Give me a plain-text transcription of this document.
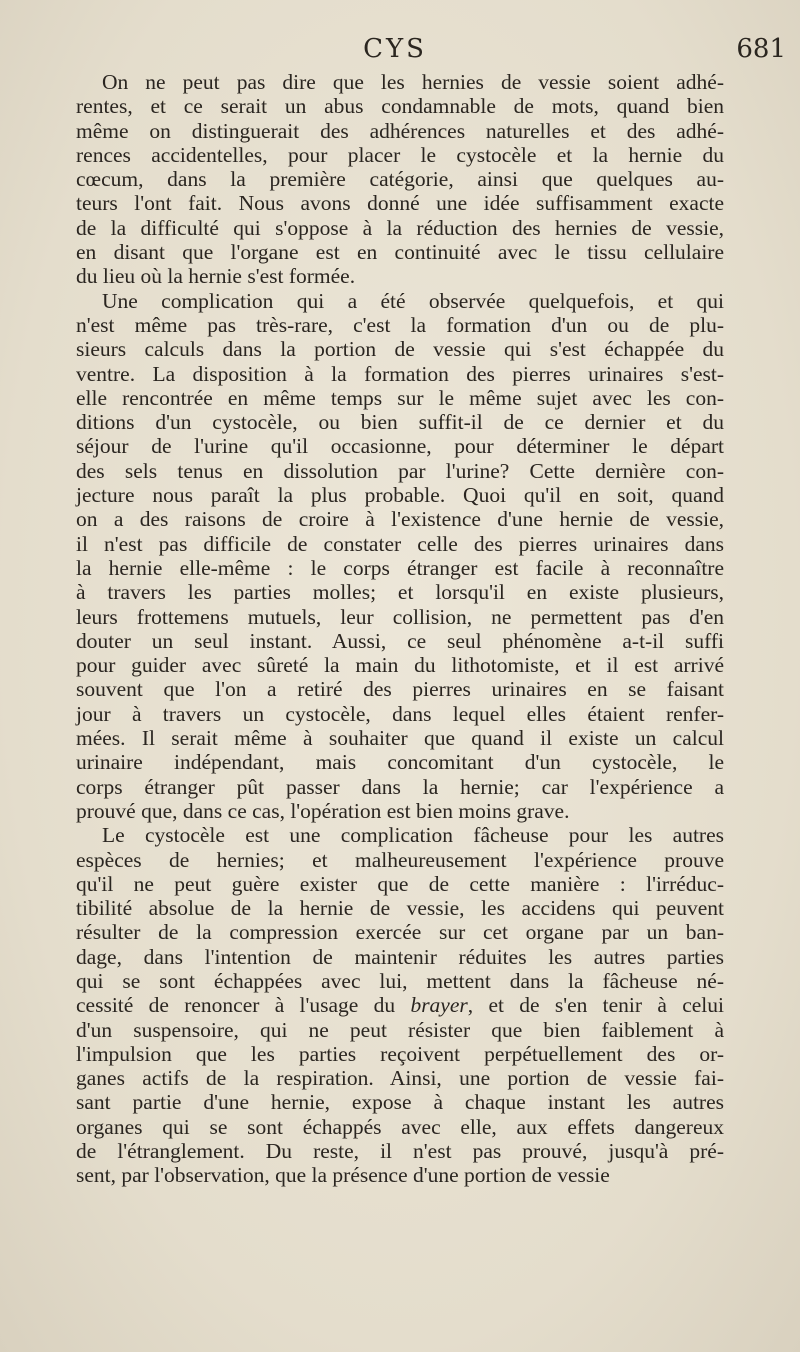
CYS	681
On ne peut pas dire que les hernies de vessie soient adhé-
rentes, et ce serait un abus condamnable de mots, quand bien
même on distinguerait des adhérences naturelles et des adhé-
rences accidentelles, pour placer le cystocèle et la hernie du
cœcum, dans la première catégorie, ainsi que quelques au-
teurs l'ont fait. Nous avons donné une idée suffisamment exacte
de la difficulté qui s'oppose à la réduction des hernies de vessie,
en disant que l'organe est en continuité avec le tissu cellulaire
du lieu où la hernie s'est formée.
Une complication qui a été observée quelquefois, et qui
n'est même pas très-rare, c'est la formation d'un ou de plu-
sieurs calculs dans la portion de vessie qui s'est échappée du
ventre. La disposition à la formation des pierres urinaires s'est-
elle rencontrée en même temps sur le même sujet avec les con-
ditions d'un cystocèle, ou bien suffit-il de ce dernier et du
séjour de l'urine qu'il occasionne, pour déterminer le départ
des sels tenus en dissolution par l'urine? Cette dernière con-
jecture nous paraît la plus probable. Quoi qu'il en soit, quand
on a des raisons de croire à l'existence d'une hernie de vessie,
il n'est pas difficile de constater celle des pierres urinaires dans
la hernie elle-même : le corps étranger est facile à reconnaître
à travers les parties molles; et lorsqu'il en existe plusieurs,
leurs frottemens mutuels, leur collision, ne permettent pas d'en
douter un seul instant. Aussi, ce seul phénomène a-t-il suffi
pour guider avec sûreté la main du lithotomiste, et il est arrivé
souvent que l'on a retiré des pierres urinaires en se faisant
jour à travers un cystocèle, dans lequel elles étaient renfer-
mées. Il serait même à souhaiter que quand il existe un calcul
urinaire indépendant, mais concomitant d'un cystocèle, le
corps étranger pût passer dans la hernie; car l'expérience a
prouvé que, dans ce cas, l'opération est bien moins grave.
Le cystocèle est une complication fâcheuse pour les autres
espèces de hernies; et malheureusement l'expérience prouve
qu'il ne peut guère exister que de cette manière : l'irréduc-
tibilité absolue de la hernie de vessie, les accidens qui peuvent
résulter de la compression exercée sur cet organe par un ban-
dage, dans l'intention de maintenir réduites les autres parties
qui se sont échappées avec lui, mettent dans la fâcheuse né-
cessité de renoncer à l'usage du brayer, et de s'en tenir à celui
d'un suspensoire, qui ne peut résister que bien faiblement à
l'impulsion que les parties reçoivent perpétuellement des or-
ganes actifs de la respiration. Ainsi, une portion de vessie fai-
sant partie d'une hernie, expose à chaque instant les autres
organes qui se sont échappés avec elle, aux effets dangereux
de l'étranglement. Du reste, il n'est pas prouvé, jusqu'à pré-
sent, par l'observation, que la présence d'une portion de vessie
